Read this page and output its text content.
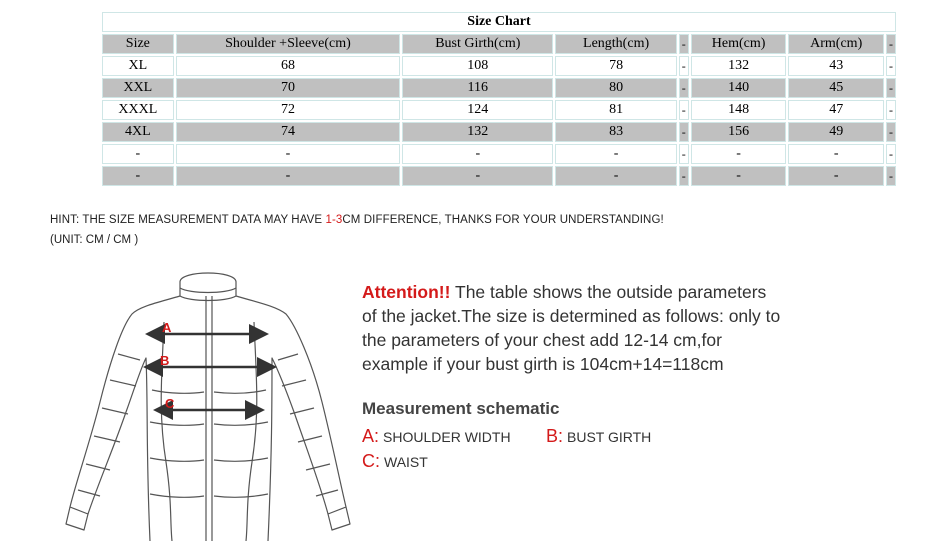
Size Chart							
Size	Shoulder +Sleeve(cm)	Bust Girth(cm)	Length(cm)	-	Hem(cm)	Arm(cm)	-
XL	68	108	78	-	132	43	-
XXL	70	116	80	-	140	45	-
XXXL	72	124	81	-	148	47	-
4XL	74	132	83	-	156	49	-
-	-	-	-	-	-	-	-
-	-	-	-	-	-	-	-
HINT: THE SIZE MEASUREMENT DATA MAY HAVE 1-3CM DIFFERENCE, THANKS FOR YOUR UNDERSTANDING!
(UNIT: CM / CM )
A
B
C
Attention!! The table shows the outside parameters of the jacket.The size is determined as follows: only to the parameters of your chest add 12-14 cm,for example if your bust girth is 104cm+14=118cm
Measurement schematic
A: SHOULDER WIDTH B: BUST GIRTH
C: WAIST
